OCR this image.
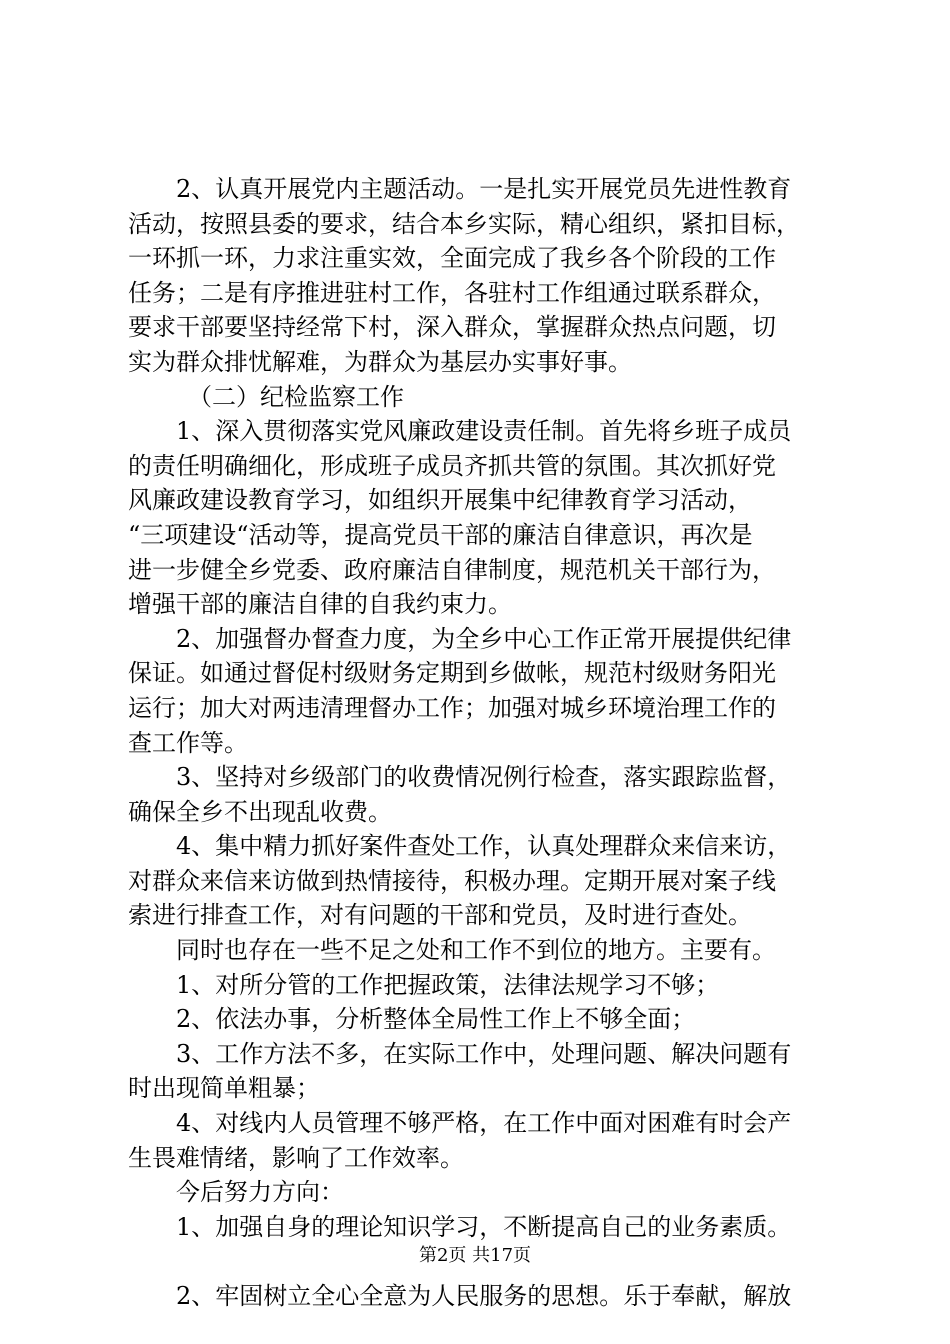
2、认真开展党内主题活动。一是扎实开展党员先进性教育
活动，按照县委的要求，结合本乡实际，精心组织，紧扣目标，
一环抓一环，力求注重实效，全面完成了我乡各个阶段的工作
任务；二是有序推进驻村工作，各驻村工作组通过联系群众，
要求干部要坚持经常下村，深入群众，掌握群众热点问题，切
实为群众排忧解难，为群众为基层办实事好事。
（二）纪检监察工作
1、深入贯彻落实党风廉政建设责任制。首先将乡班子成员
的责任明确细化，形成班子成员齐抓共管的氛围。其次抓好党
风廉政建设教育学习，如组织开展集中纪律教育学习活动，
“三项建设“活动等，提高党员干部的廉洁自律意识，再次是
进一步健全乡党委、政府廉洁自律制度，规范机关干部行为，
增强干部的廉洁自律的自我约束力。
2、加强督办督查力度，为全乡中心工作正常开展提供纪律
保证。如通过督促村级财务定期到乡做帐，规范村级财务阳光
运行；加大对两违清理督办工作；加强对城乡环境治理工作的
查工作等。
3、坚持对乡级部门的收费情况例行检查，落实跟踪监督，
确保全乡不出现乱收费。
4、集中精力抓好案件查处工作，认真处理群众来信来访，
对群众来信来访做到热情接待，积极办理。定期开展对案子线
索进行排查工作，对有问题的干部和党员，及时进行查处。
同时也存在一些不足之处和工作不到位的地方。主要有。
1、对所分管的工作把握政策，法律法规学习不够；
2、依法办事，分析整体全局性工作上不够全面；
3、工作方法不多，在实际工作中，处理问题、解决问题有
时出现简单粗暴；
4、对线内人员管理不够严格，在工作中面对困难有时会产
生畏难情绪，影响了工作效率。
今后努力方向：
1、加强自身的理论知识学习，不断提高自己的业务素质。
2、牢固树立全心全意为人民服务的思想。乐于奉献，解放
第2页 共17页
